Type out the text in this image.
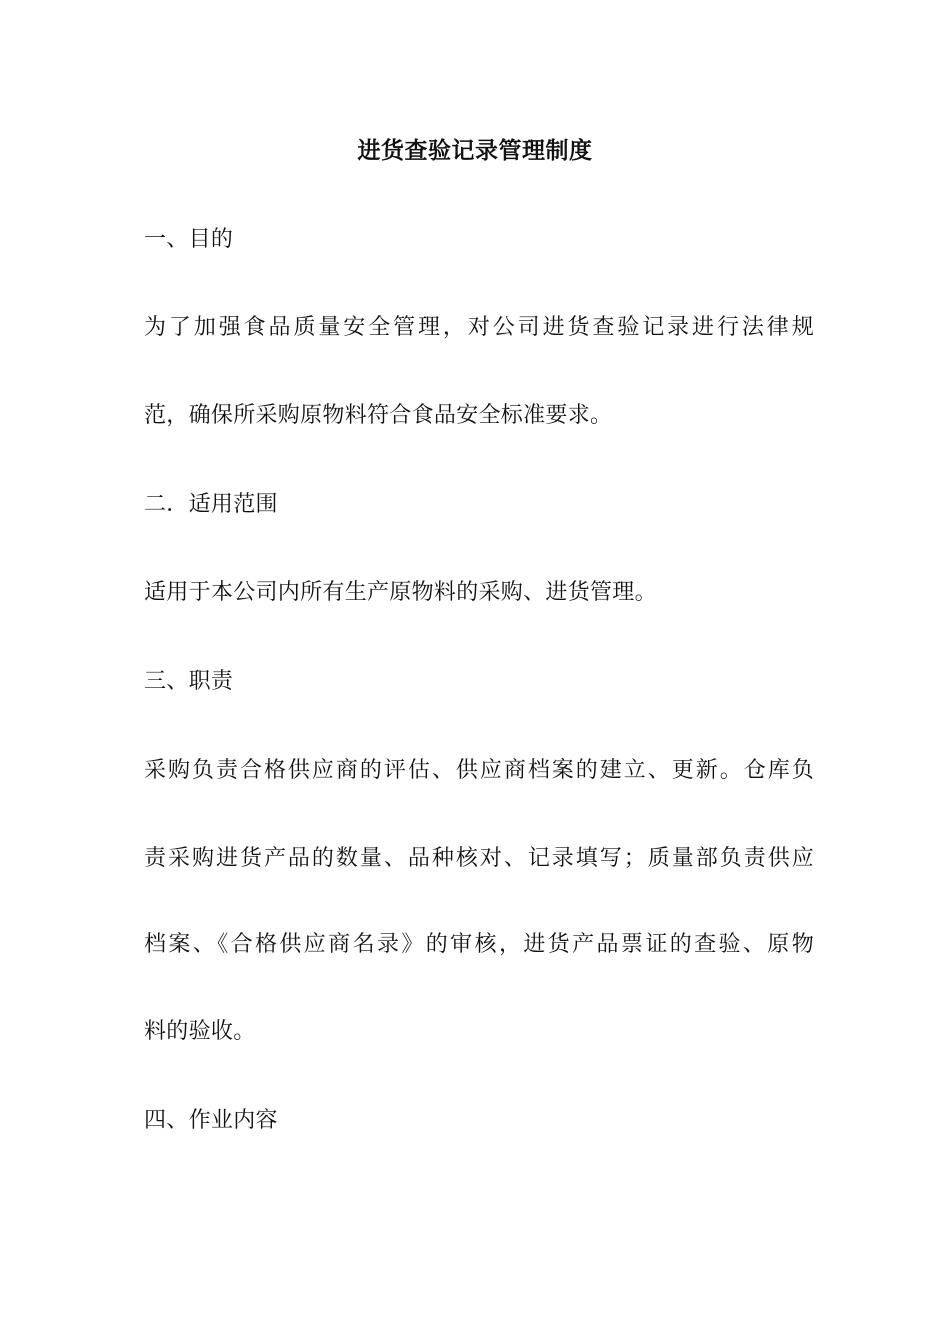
进货查验记录管理制度
一、目的
为了加强食品质量安全管理，对公司进货查验记录进行法律规
范，确保所采购原物料符合食品安全标准要求。
二．适用范围
适用于本公司内所有生产原物料的采购、进货管理。
三、职责
采购负责合格供应商的评估、供应商档案的建立、更新。仓库负
责采购进货产品的数量、品种核对、记录填写；质量部负责供应
档案、《合格供应商名录》的审核，进货产品票证的查验、原物
料的验收。
四、作业内容
